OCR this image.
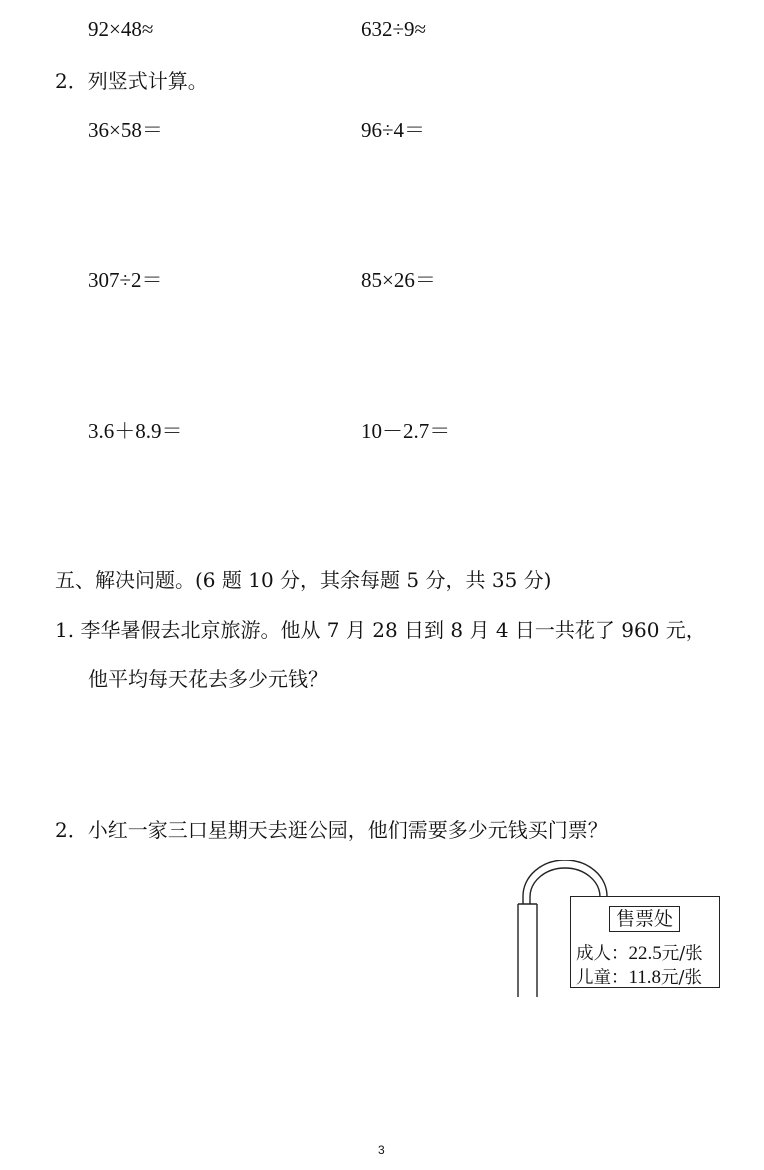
92×48≈	632÷9≈
2．列竖式计算。
36×58＝	96÷4＝
307÷2＝	85×26＝
3.6＋8.9＝	10－2.7＝
五、解决问题。(6 题 10 分，其余每题 5 分，共 35 分)
1. 李华暑假去北京旅游。他从 7 月 28 日到 8 月 4 日一共花了 960 元，
他平均每天花去多少元钱？
2．小红一家三口星期天去逛公园，他们需要多少元钱买门票？
售票处
成人：22.5元/张
儿童：11.8元/张
3
